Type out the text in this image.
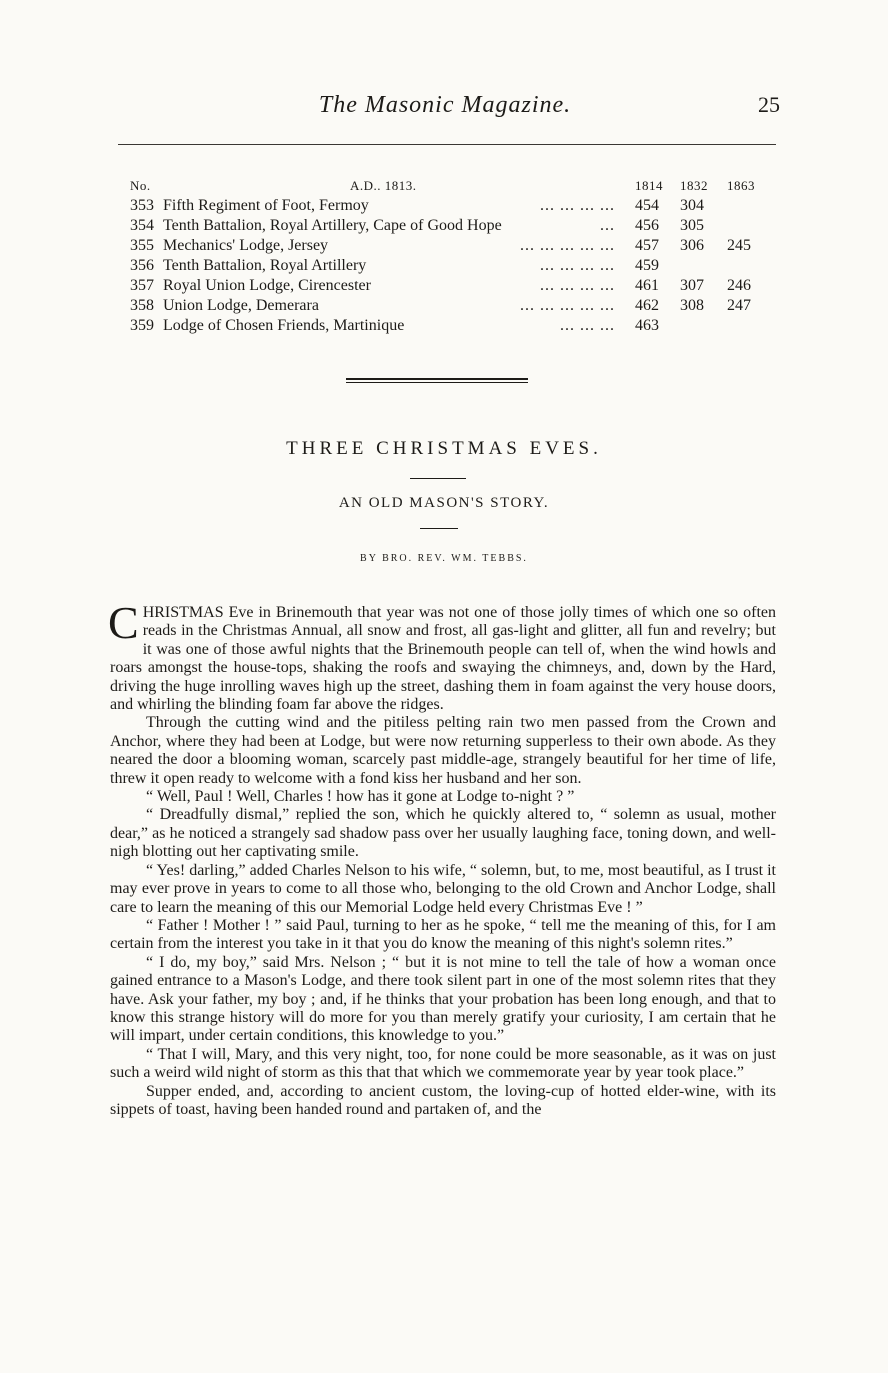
The Masonic Magazine.	25
No.	A.D.. 1813.	1814 1832 1863
353 Fifth Regiment of Foot, Fermoy	... ... ... ... 454 304
354 Tenth Battalion, Royal Artillery, Cape of Good Hope	... 456 305
355 Mechanics' Lodge, Jersey	... ... ... ... ... 457 306 245
356 Tenth Battalion, Royal Artillery	... ... ... ... 459
357 Royal Union Lodge, Cirencester	... ... ... ... 461 307 246
358 Union Lodge, Demerara	... ... ... ... ... 462 308 247
359 Lodge of Chosen Friends, Martinique	... ... ... 463
THREE CHRISTMAS EVES.
AN OLD MASON'S STORY.
BY BRO. REV. WM. TEBBS.

CHRISTMAS Eve in Brinemouth that year was not one of those jolly times of which one so often reads in the Christmas Annual, all snow and frost, all gas-light and glitter, all fun and revelry; but it was one of those awful nights that the Brinemouth people can tell of, when the wind howls and roars amongst the house-tops, shaking the roofs and swaying the chimneys, and, down by the Hard, driving the huge inrolling waves high up the street, dashing them in foam against the very house doors, and whirling the blinding foam far above the ridges.

Through the cutting wind and the pitiless pelting rain two men passed from the Crown and Anchor, where they had been at Lodge, but were now returning supperless to their own abode. As they neared the door a blooming woman, scarcely past middle-age, strangely beautiful for her time of life, threw it open ready to welcome with a fond kiss her husband and her son.

“ Well, Paul ! Well, Charles ! how has it gone at Lodge to-night ? ”

“ Dreadfully dismal,” replied the son, which he quickly altered to, “ solemn as usual, mother dear,” as he noticed a strangely sad shadow pass over her usually laughing face, toning down, and well-nigh blotting out her captivating smile.

“ Yes! darling,” added Charles Nelson to his wife, “ solemn, but, to me, most beautiful, as I trust it may ever prove in years to come to all those who, belonging to the old Crown and Anchor Lodge, shall care to learn the meaning of this our Memorial Lodge held every Christmas Eve ! ”

“ Father ! Mother ! ” said Paul, turning to her as he spoke, “ tell me the meaning of this, for I am certain from the interest you take in it that you do know the meaning of this night's solemn rites.”

“ I do, my boy,” said Mrs. Nelson ; “ but it is not mine to tell the tale of how a woman once gained entrance to a Mason's Lodge, and there took silent part in one of the most solemn rites that they have. Ask your father, my boy ; and, if he thinks that your probation has been long enough, and that to know this strange history will do more for you than merely gratify your curiosity, I am certain that he will impart, under certain conditions, this knowledge to you.”

“ That I will, Mary, and this very night, too, for none could be more seasonable, as it was on just such a weird wild night of storm as this that that which we commemorate year by year took place.”

Supper ended, and, according to ancient custom, the loving-cup of hotted elder-wine, with its sippets of toast, having been handed round and partaken of, and the
